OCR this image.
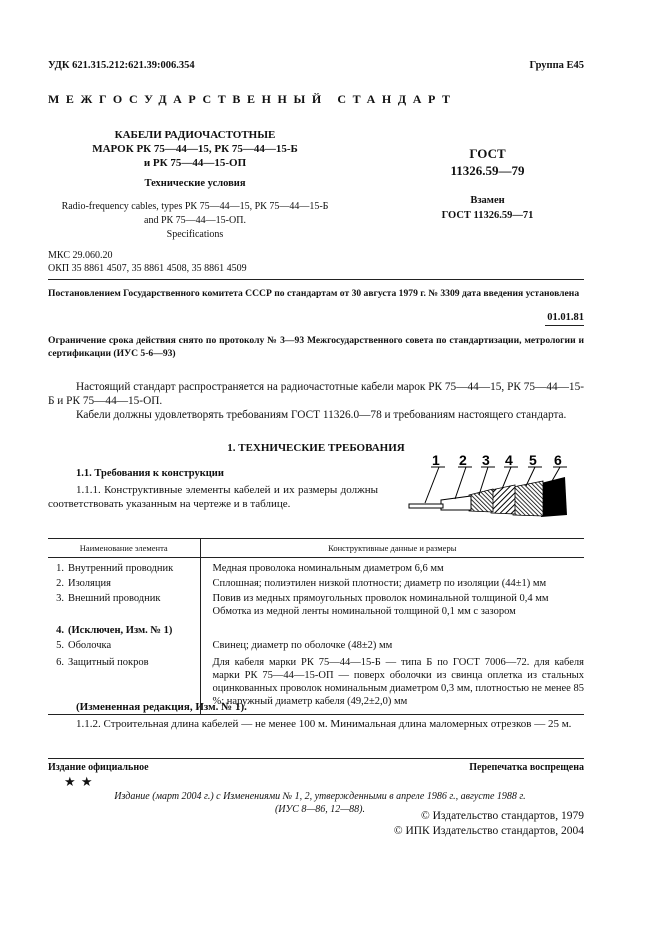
УДК 621.315.212:621.39:006.354	Группа Е45
МЕЖГОСУДАРСТВЕННЫЙ СТАНДАРТ
КАБЕЛИ РАДИОЧАСТОТНЫЕ
МАРОК РК 75—44—15, РК 75—44—15-Б
и РК 75—44—15-ОП
Технические условия
Radio-frequency cables, types РК 75—44—15, РК 75—44—15-Б
and РК 75—44—15-ОП.
Specifications
ГОСТ
11326.59—79
Взамен
ГОСТ 11326.59—71
МКС 29.060.20
ОКП 35 8861 4507, 35 8861 4508, 35 8861 4509
Постановлением Государственного комитета СССР по стандартам от 30 августа 1979 г. № 3309 дата введения установлена
01.01.81
Ограничение срока действия снято по протоколу № 3—93 Межгосударственного совета по стандартизации, метрологии и сертификации (ИУС 5-6—93)
Настоящий стандарт распространяется на радиочастотные кабели марок РК 75—44—15, РК 75—44—15-Б и РК 75—44—15-ОП.
Кабели должны удовлетворять требованиям ГОСТ 11326.0—78 и требованиям настоящего стандарта.
1. ТЕХНИЧЕСКИЕ ТРЕБОВАНИЯ
1.1. Требования к конструкции
1.1.1. Конструктивные элементы кабелей и их размеры должны соответствовать указанным на чертеже и в таблице.
1 2 3 4 5 6
Наименование элемента	Конструктивные данные и размеры
1. Внутренний проводник	Медная проволока номинальным диаметром 6,6 мм
2. Изоляция	Сплошная; полиэтилен низкой плотности; диаметр по изоляции (44±1) мм
3. Внешний проводник	Повив из медных прямоугольных проволок номинальной толщиной 0,4 мм
Обмотка из медной ленты номинальной толщиной 0,1 мм с зазором
4. (Исключен, Изм. № 1)	
5. Оболочка	Свинец; диаметр по оболочке (48±2) мм
6. Защитный покров	Для кабеля марки РК 75—44—15-Б — типа Б по ГОСТ 7006—72. для кабеля марки РК 75—44—15-ОП — поверх оболочки из свинца оплетка из стальных оцинкованных проволок номинальным диаметром 0,3 мм, плотностью не менее 85 %; наружный диаметр кабеля (49,2±2,0) мм
(Измененная редакция, Изм. № 1).
1.1.2. Строительная длина кабелей — не менее 100 м. Минимальная длина маломерных отрезков — 25 м.
Издание официальное	Перепечатка воспрещена
★ ★
Издание (март 2004 г.) с Изменениями № 1, 2, утвержденными в апреле 1986 г., августе 1988 г.
(ИУС 8—86, 12—88).
© Издательство стандартов, 1979
© ИПК Издательство стандартов, 2004
